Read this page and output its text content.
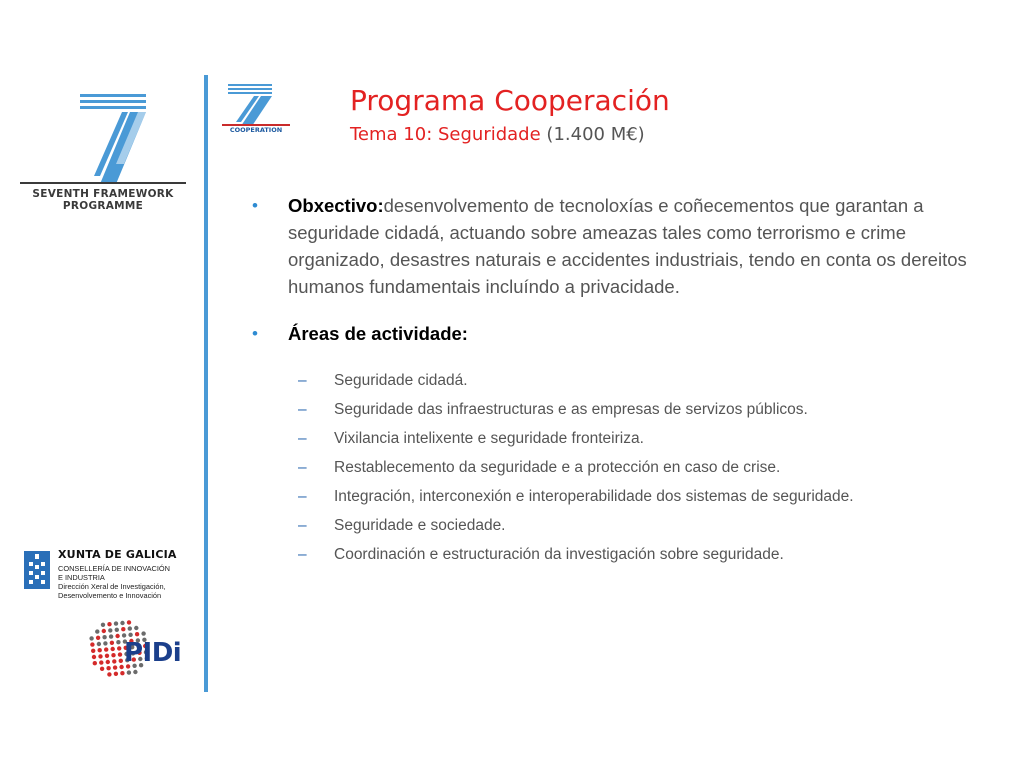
SEVENTH FRAMEWORK
PROGRAMME
COOPERATION
Programa Cooperación
Tema 10: Seguridade (1.400 M€)
• Obxectivo:desenvolvemento de tecnoloxías e coñecementos que garantan a seguridade cidadá, actuando sobre ameazas tales como terrorismo e crime organizado, desastres naturais e accidentes industriais, tendo en conta os dereitos humanos fundamentais incluíndo a privacidade.
• Áreas de actividade:
– Seguridade cidadá.
– Seguridade das infraestructuras e as empresas de servizos públicos.
– Vixilancia intelixente e seguridade fronteiriza.
– Restablecemento da seguridade e a protección en caso de crise.
– Integración, interconexión e interoperabilidade dos sistemas de seguridade.
– Seguridade e sociedade.
– Coordinación e estructuración da investigación sobre seguridade.
XUNTA DE GALICIA
CONSELLERÍA DE INNOVACIÓN
E INDUSTRIA
Dirección Xeral de Investigación,
Desenvolvemento e Innovación
PIDi
